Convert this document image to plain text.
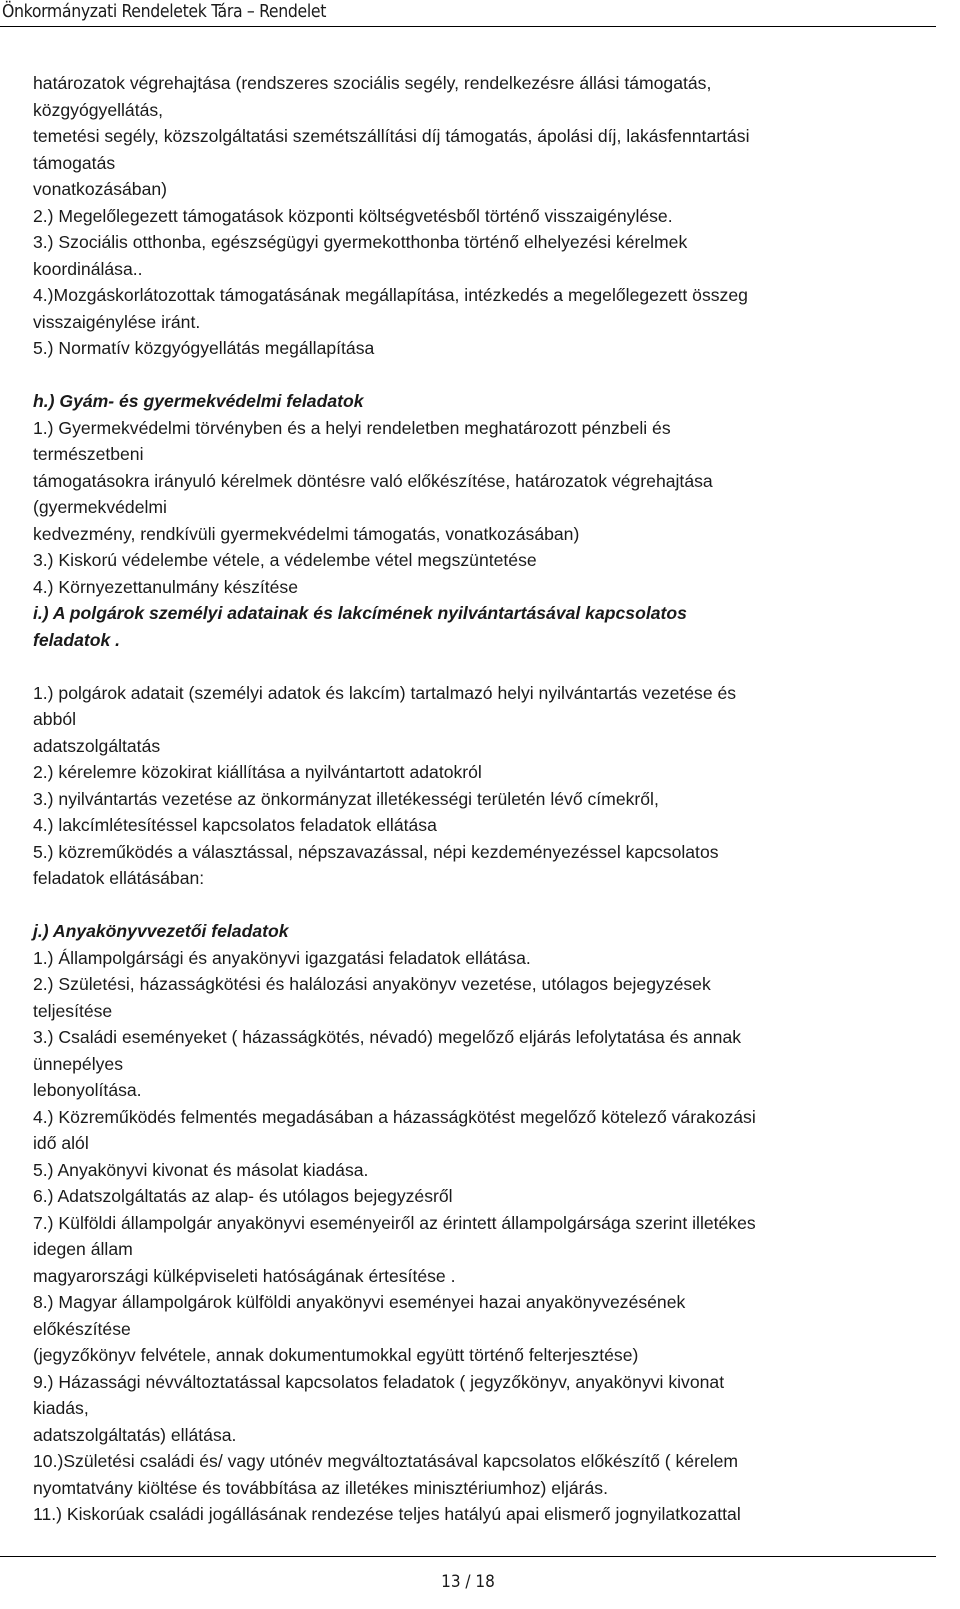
Önkormányzati Rendeletek Tára – Rendelet
határozatok végrehajtása (rendszeres szociális segély, rendelkezésre állási támogatás,
közgyógyellátás,
temetési segély, közszolgáltatási szemétszállítási díj támogatás, ápolási díj, lakásfenntartási
támogatás
vonatkozásában)
2.) Megelőlegezett támogatások központi költségvetésből történő visszaigénylése.
3.) Szociális otthonba, egészségügyi gyermekotthonba történő elhelyezési kérelmek
koordinálása..
4.)Mozgáskorlátozottak támogatásának megállapítása, intézkedés a megelőlegezett összeg
visszaigénylése iránt.
5.) Normatív közgyógyellátás megállapítása
h.) Gyám- és gyermekvédelmi feladatok
1.) Gyermekvédelmi törvényben és a helyi rendeletben meghatározott pénzbeli és
természetbeni
támogatásokra irányuló kérelmek döntésre való előkészítése, határozatok végrehajtása
(gyermekvédelmi
kedvezmény, rendkívüli gyermekvédelmi támogatás, vonatkozásában)
3.) Kiskorú védelembe vétele, a védelembe vétel megszüntetése
4.) Környezettanulmány készítése
i.) A polgárok személyi adatainak és lakcímének nyilvántartásával kapcsolatos
feladatok .
1.) polgárok adatait (személyi adatok és lakcím) tartalmazó helyi nyilvántartás vezetése és
abból
adatszolgáltatás
2.) kérelemre közokirat kiállítása a nyilvántartott adatokról
3.) nyilvántartás vezetése az önkormányzat illetékességi területén lévő címekről,
4.) lakcímlétesítéssel kapcsolatos feladatok ellátása
5.) közreműködés a választással, népszavazással, népi kezdeményezéssel kapcsolatos
feladatok ellátásában:
j.) Anyakönyvvezetői feladatok
1.) Állampolgársági és anyakönyvi igazgatási feladatok ellátása.
2.) Születési, házasságkötési és halálozási anyakönyv vezetése, utólagos bejegyzések
teljesítése
3.) Családi eseményeket ( házasságkötés, névadó) megelőző eljárás lefolytatása és annak
ünnepélyes
lebonyolítása.
4.) Közreműködés felmentés megadásában a házasságkötést megelőző kötelező várakozási
idő alól
5.) Anyakönyvi kivonat és másolat kiadása.
6.) Adatszolgáltatás az alap- és utólagos bejegyzésről
7.) Külföldi állampolgár anyakönyvi eseményeiről az érintett állampolgársága szerint illetékes
idegen állam
magyarországi külképviseleti hatóságának értesítése .
8.) Magyar állampolgárok külföldi anyakönyvi eseményei hazai anyakönyvezésének
előkészítése
(jegyzőkönyv felvétele, annak dokumentumokkal együtt történő felterjesztése)
9.) Házassági névváltoztatással kapcsolatos feladatok ( jegyzőkönyv, anyakönyvi kivonat
kiadás,
adatszolgáltatás) ellátása.
10.)Születési családi és/ vagy utónév megváltoztatásával kapcsolatos előkészítő ( kérelem
nyomtatvány kiöltése és továbbítása az illetékes minisztériumhoz) eljárás.
11.) Kiskorúak családi jogállásának rendezése teljes hatályú apai elismerő jognyilatkozattal
13 / 18
